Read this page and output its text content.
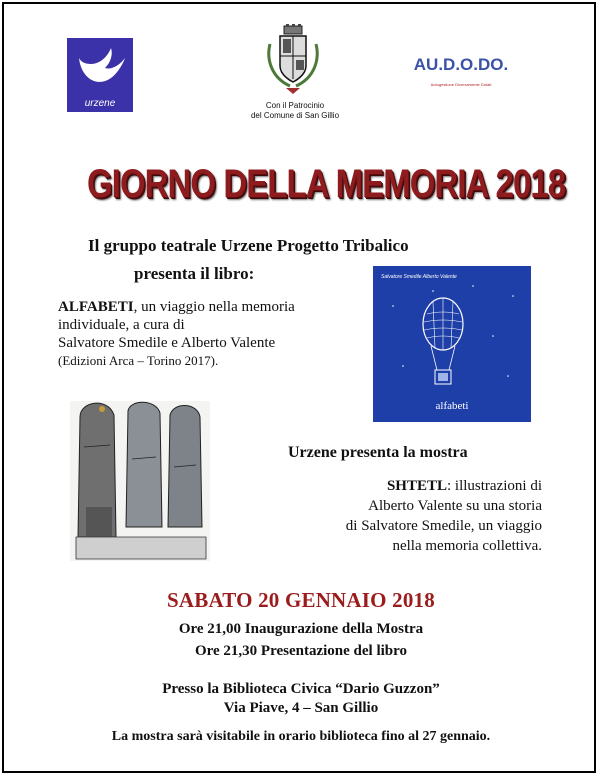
urzene	Con il Patrocinio
del Comune di San Gillio
AU.D.O.DO.
Autogestione Diversamente Dotati
GIORNO DELLA MEMORIA 2018
Il gruppo teatrale Urzene Progetto Tribalico
presenta il libro:
ALFABETI, un viaggio nella memoria
individuale, a cura di
Salvatore Smedile e Alberto Valente
(Edizioni Arca – Torino 2017).
Salvatore Smedile Alberto Valente
alfabeti
Urzene presenta la mostra
SHTETL: illustrazioni di
Alberto Valente su una storia
di Salvatore Smedile, un viaggio
nella memoria collettiva.
SABATO 20 GENNAIO 2018
Ore 21,00 Inaugurazione della Mostra
Ore 21,30 Presentazione del libro
Presso la Biblioteca Civica “Dario Guzzon”
Via Piave, 4 – San Gillio
La mostra sarà visitabile in orario biblioteca fino al 27 gennaio.
